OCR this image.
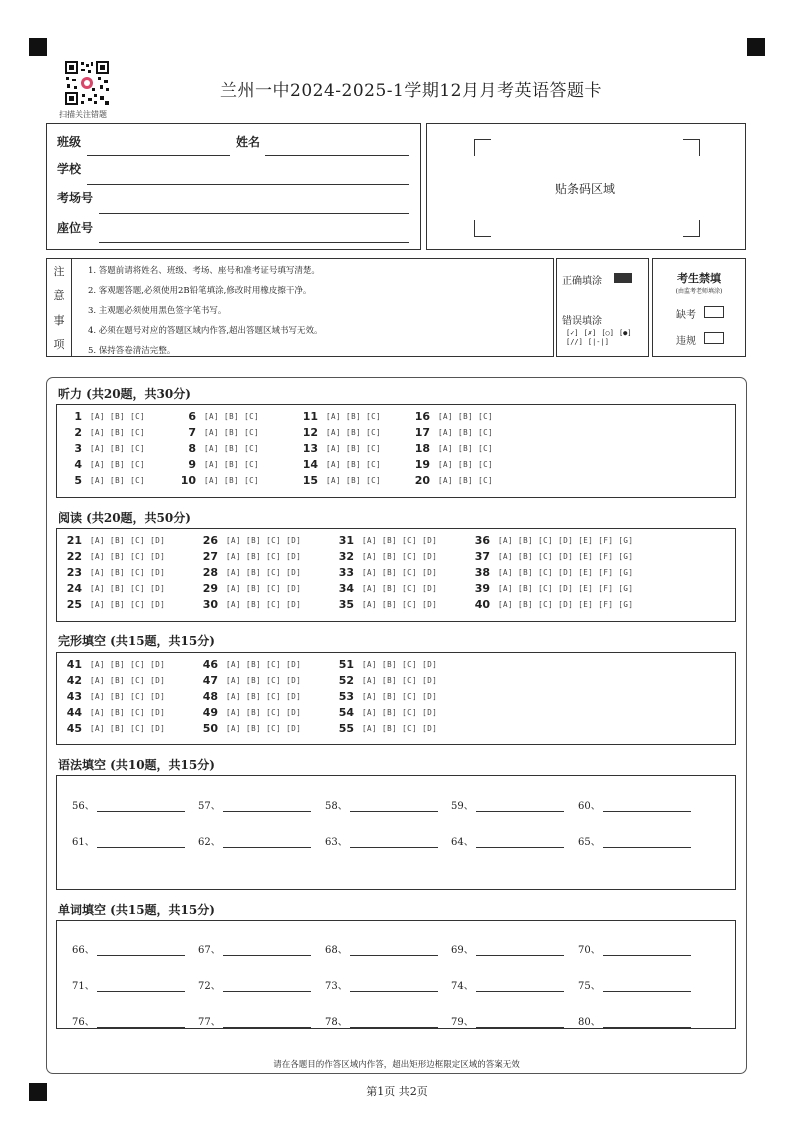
扫描关注错题
兰州一中2024-2025-1学期12月月考英语答题卡
班级	姓名
学校
考场号
座位号
贴条码区域
注
意
事
项
1. 答题前请将姓名、班级、考场、座号和准考证号填写清楚。
2. 客观题答题,必须使用2B铅笔填涂,修改时用橡皮擦干净。
3. 主观题必须使用黑色签字笔书写。
4. 必须在题号对应的答题区域内作答,超出答题区域书写无效。
5. 保持答卷清洁完整。
正确填涂
错误填涂
[✓] [✗] [○] [●]
[//] [|-|]
考生禁填
(由监考老师填涂)
缺考
违规
听力 (共20题，共30分)
1 [A] [B] [C]
2 [A] [B] [C]
3 [A] [B] [C]
4 [A] [B] [C]
5 [A] [B] [C]
6 [A] [B] [C]
7 [A] [B] [C]
8 [A] [B] [C]
9 [A] [B] [C]
10 [A] [B] [C]
11 [A] [B] [C]
12 [A] [B] [C]
13 [A] [B] [C]
14 [A] [B] [C]
15 [A] [B] [C]
16 [A] [B] [C]
17 [A] [B] [C]
18 [A] [B] [C]
19 [A] [B] [C]
20 [A] [B] [C]
阅读 (共20题，共50分)
21 [A] [B] [C] [D]
22 [A] [B] [C] [D]
23 [A] [B] [C] [D]
24 [A] [B] [C] [D]
25 [A] [B] [C] [D]
26 [A] [B] [C] [D]
27 [A] [B] [C] [D]
28 [A] [B] [C] [D]
29 [A] [B] [C] [D]
30 [A] [B] [C] [D]
31 [A] [B] [C] [D]
32 [A] [B] [C] [D]
33 [A] [B] [C] [D]
34 [A] [B] [C] [D]
35 [A] [B] [C] [D]
36 [A] [B] [C] [D] [E] [F] [G]
37 [A] [B] [C] [D] [E] [F] [G]
38 [A] [B] [C] [D] [E] [F] [G]
39 [A] [B] [C] [D] [E] [F] [G]
40 [A] [B] [C] [D] [E] [F] [G]
完形填空 (共15题，共15分)
41 [A] [B] [C] [D]
42 [A] [B] [C] [D]
43 [A] [B] [C] [D]
44 [A] [B] [C] [D]
45 [A] [B] [C] [D]
46 [A] [B] [C] [D]
47 [A] [B] [C] [D]
48 [A] [B] [C] [D]
49 [A] [B] [C] [D]
50 [A] [B] [C] [D]
51 [A] [B] [C] [D]
52 [A] [B] [C] [D]
53 [A] [B] [C] [D]
54 [A] [B] [C] [D]
55 [A] [B] [C] [D]
语法填空 (共10题，共15分)
56、	57、	58、	59、	60、
61、	62、	63、	64、	65、
单词填空 (共15题，共15分)
66、	67、	68、	69、	70、
71、	72、	73、	74、	75、
76、	77、	78、	79、	80、
请在各题目的作答区域内作答，超出矩形边框限定区域的答案无效
第1页 共2页
